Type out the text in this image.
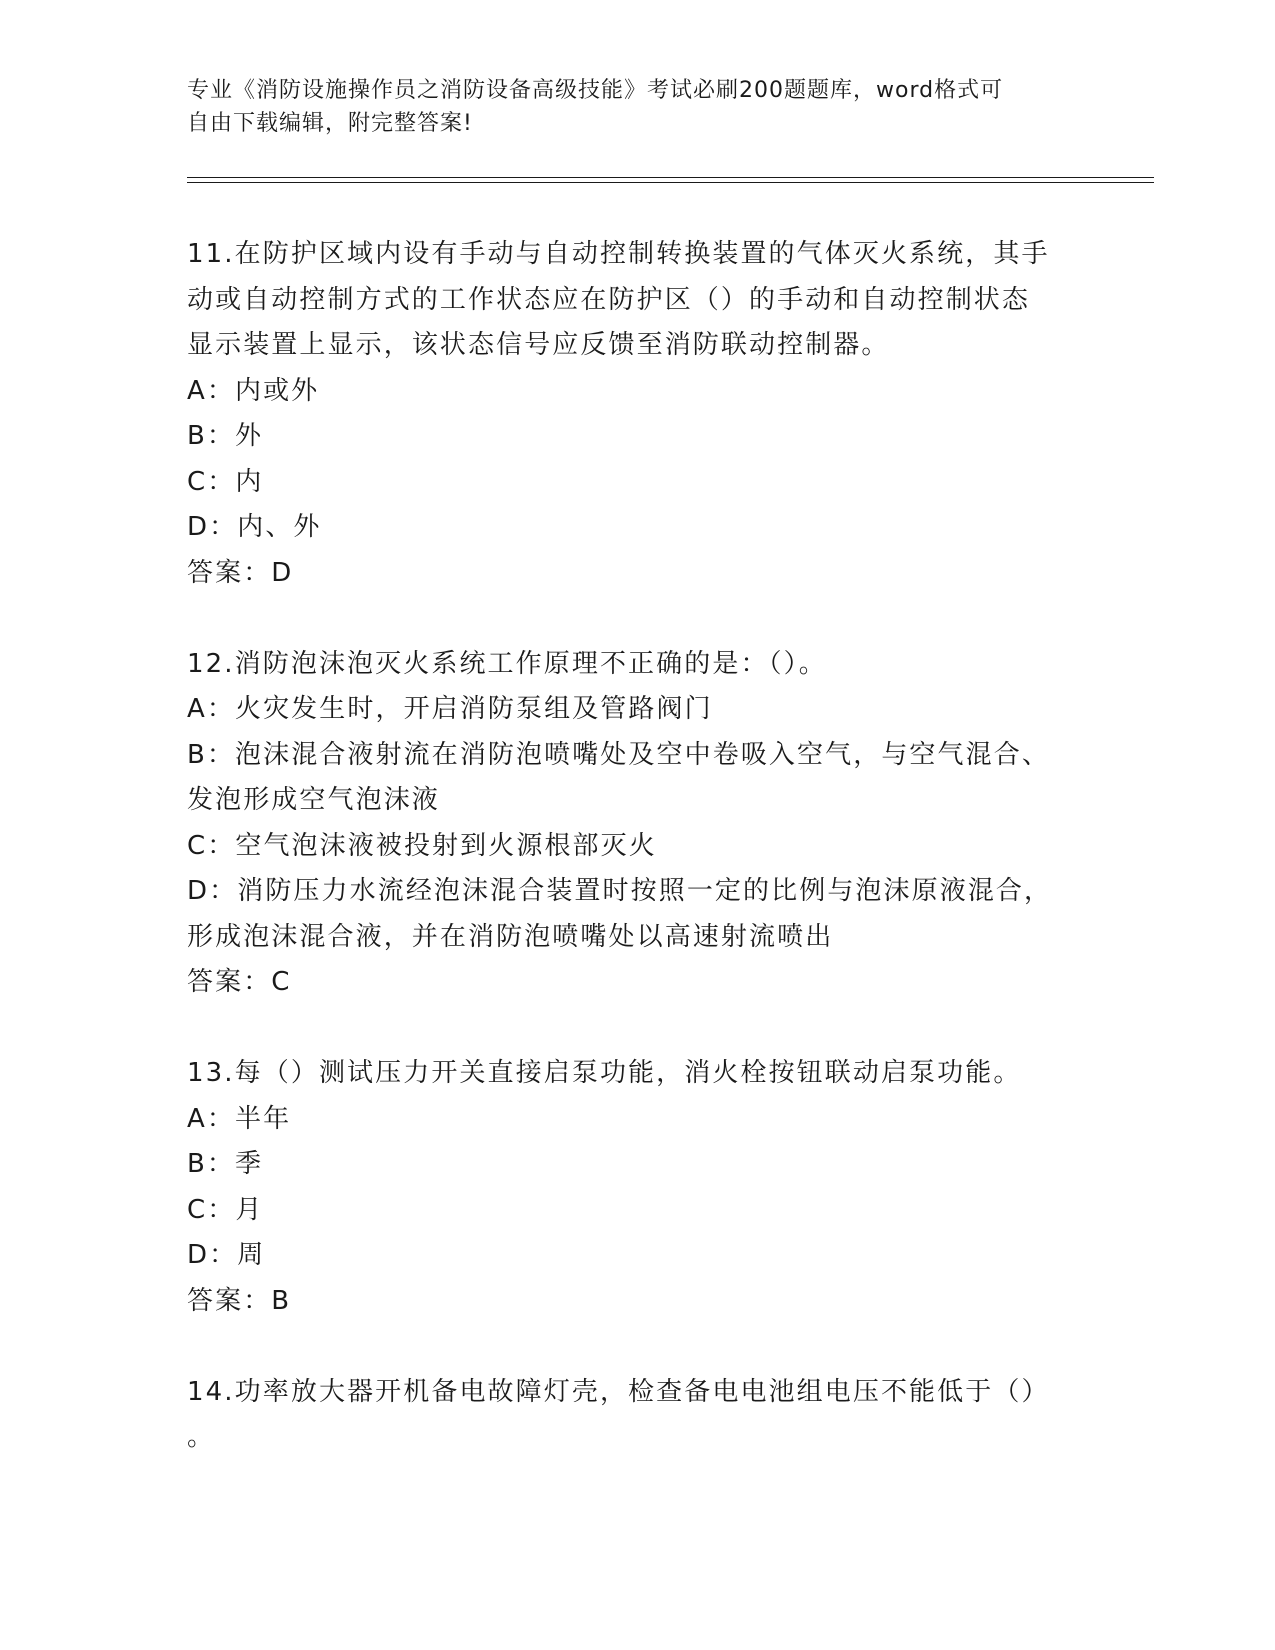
专业《消防设施操作员之消防设备高级技能》考试必刷200题题库，word格式可
自由下载编辑，附完整答案!
11.在防护区域内设有手动与自动控制转换装置的气体灭火系统，其手
动或自动控制方式的工作状态应在防护区（）的手动和自动控制状态
显示装置上显示，该状态信号应反馈至消防联动控制器。
A：内或外
B：外
C：内
D：内、外
答案：D
12.消防泡沫泡灭火系统工作原理不正确的是：（）。
A：火灾发生时，开启消防泵组及管路阀门
B：泡沫混合液射流在消防泡喷嘴处及空中卷吸入空气，与空气混合、
发泡形成空气泡沫液
C：空气泡沫液被投射到火源根部灭火
D：消防压力水流经泡沫混合装置时按照一定的比例与泡沫原液混合，
形成泡沫混合液，并在消防泡喷嘴处以高速射流喷出
答案：C
13.每（）测试压力开关直接启泵功能，消火栓按钮联动启泵功能。
A：半年
B：季
C：月
D：周
答案：B
14.功率放大器开机备电故障灯壳，检查备电电池组电压不能低于（）
。
